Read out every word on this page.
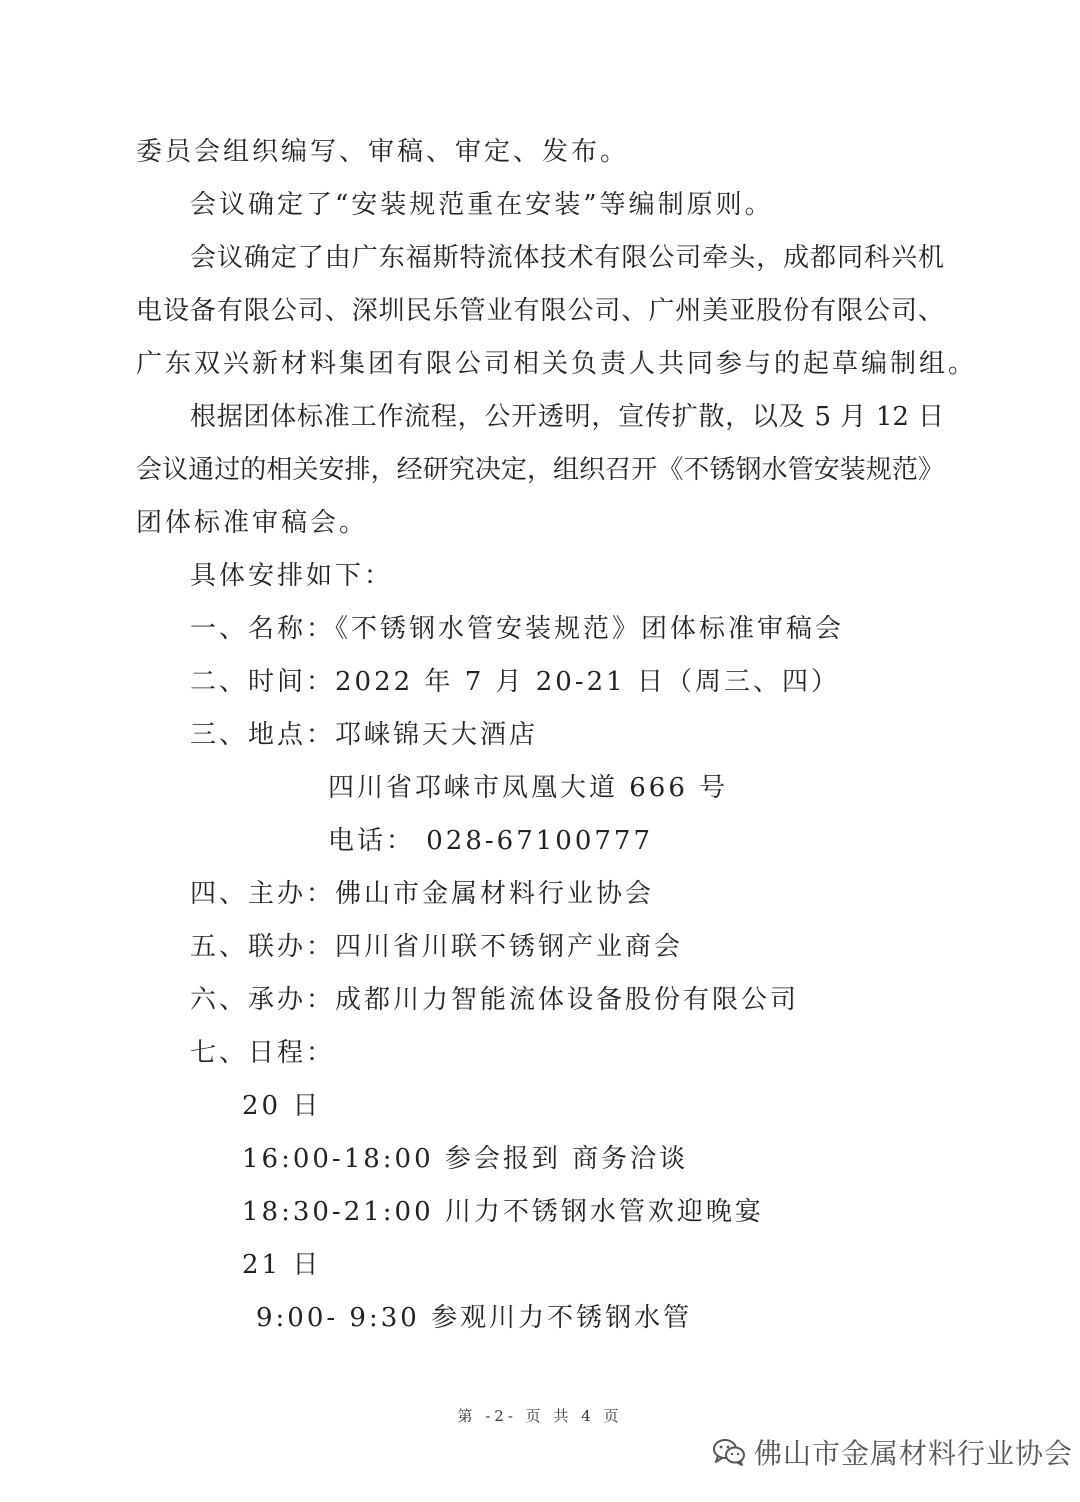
委员会组织编写、审稿、审定、发布。
会议确定了“安装规范重在安装”等编制原则。
会议确定了由广东福斯特流体技术有限公司牵头，成都同科兴机
电设备有限公司、深圳民乐管业有限公司、广州美亚股份有限公司、
广东双兴新材料集团有限公司相关负责人共同参与的起草编制组。
根据团体标准工作流程，公开透明，宣传扩散，以及 5 月 12 日
会议通过的相关安排，经研究决定，组织召开《不锈钢水管安装规范》
团体标准审稿会。
具体安排如下：
一、名称：《不锈钢水管安装规范》团体标准审稿会
二、时间：2022 年 7 月 20-21 日（周三、四）
三、地点：邛崃锦天大酒店
四川省邛崃市凤凰大道 666 号
电话： 028-67100777
四、主办：佛山市金属材料行业协会
五、联办：四川省川联不锈钢产业商会
六、承办：成都川力智能流体设备股份有限公司
七、日程：
20 日
16:00-18:00 参会报到 商务洽谈
18:30-21:00 川力不锈钢水管欢迎晚宴
21 日
9:00- 9:30 参观川力不锈钢水管
第 -2- 页 共 4 页
佛山市金属材料行业协会
